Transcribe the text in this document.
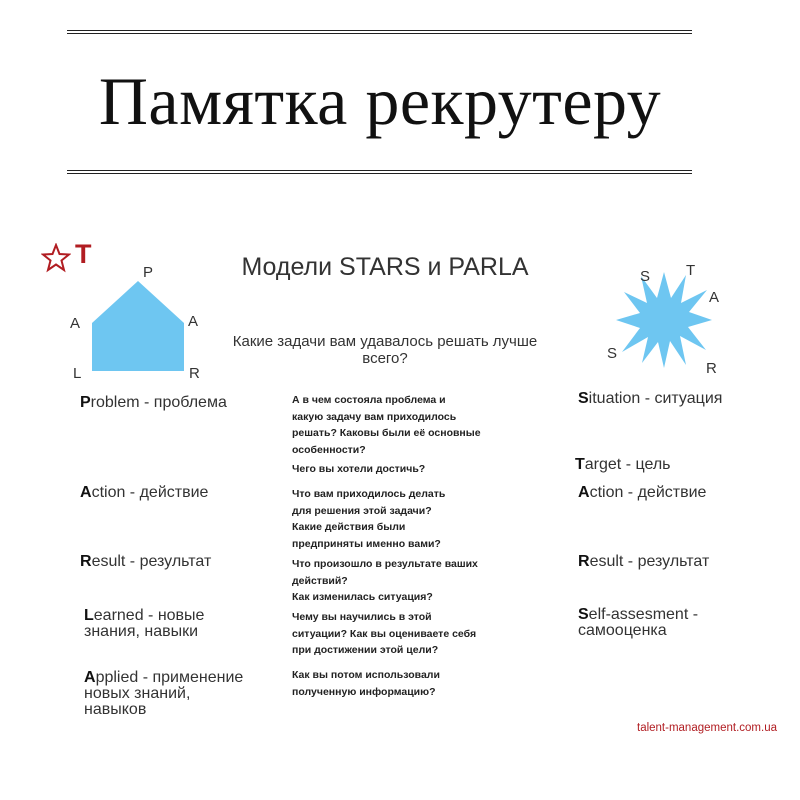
Памятка рекрутеру
T
P
A	A
L	R
Модели STARS и PARLA
Какие задачи вам удавалось решать лучше всего?
S T
A
S
R
Problem - проблема
Action - действие
Result - результат
Learned - новые
знания, навыки
Applied - применение
новых знаний,
навыков
А в чем состояла проблема и
какую задачу вам приходилось
решать? Каковы были её основные
особенности?
Чего вы хотели достичь?
Что вам приходилось делать
для решения этой задачи?
Какие действия были
предприняты именно вами?
Что произошло в результате ваших
действий?
Как изменилась ситуация?
Чему вы научились в этой
ситуации? Как вы оцениваете себя
при достижении этой цели?
Как вы потом использовали
полученную информацию?
Situation - ситуация
Target - цель
Action - действие
Result - результат
Self-assesment -
самооценка
talent-management.com.ua
